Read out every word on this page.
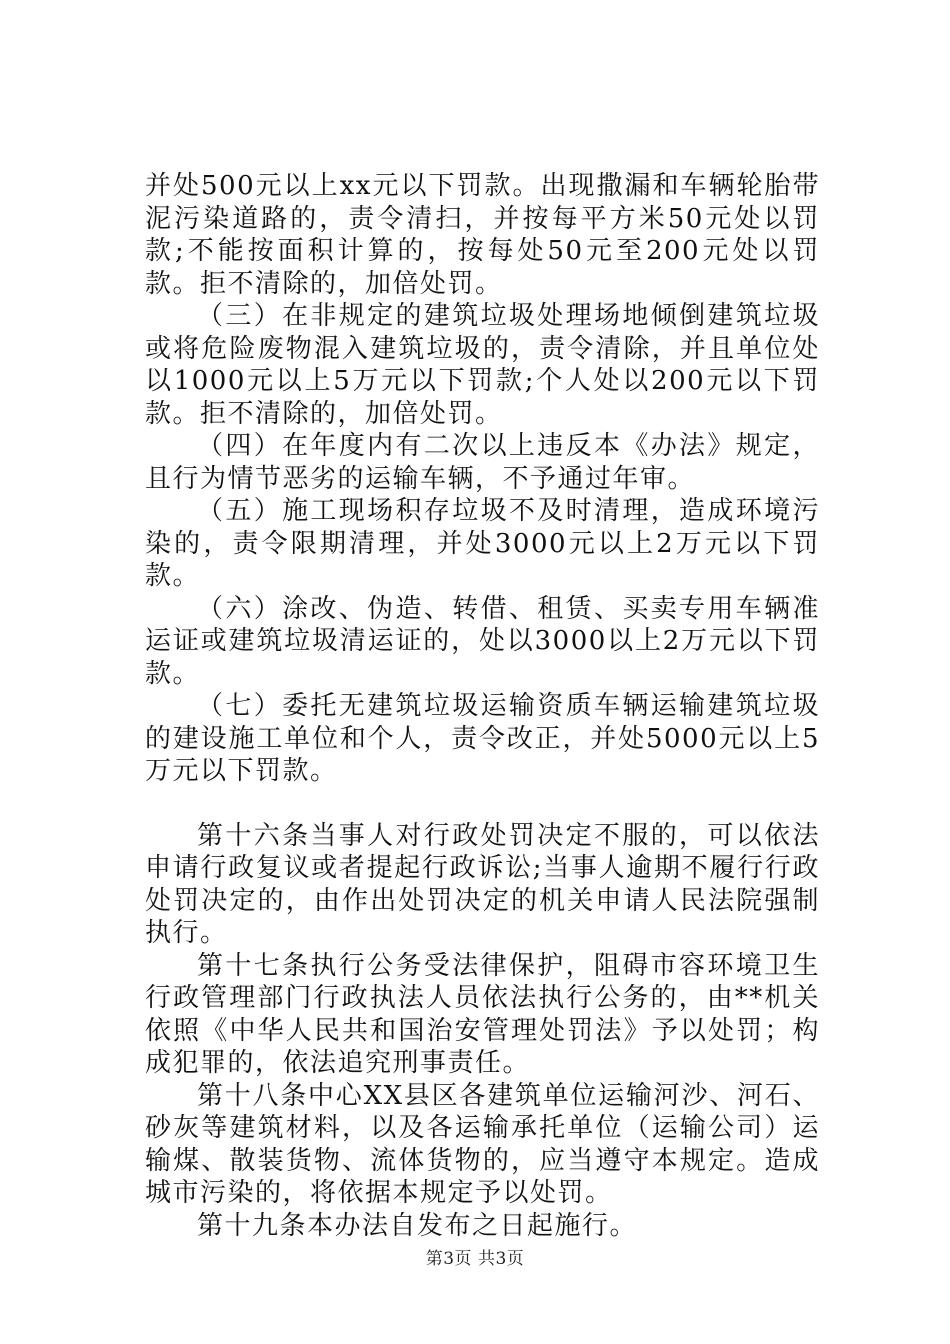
并处500元以上xx元以下罚款。出现撒漏和车辆轮胎带泥污染道路的，责令清扫，并按每平方米50元处以罚款;不能按面积计算的，按每处50元至200元处以罚款。拒不清除的，加倍处罚。

（三）在非规定的建筑垃圾处理场地倾倒建筑垃圾或将危险废物混入建筑垃圾的，责令清除，并且单位处以1000元以上5万元以下罚款;个人处以200元以下罚款。拒不清除的，加倍处罚。

（四）在年度内有二次以上违反本《办法》规定，且行为情节恶劣的运输车辆，不予通过年审。

（五）施工现场积存垃圾不及时清理，造成环境污染的，责令限期清理，并处3000元以上2万元以下罚款。

（六）涂改、伪造、转借、租赁、买卖专用车辆准运证或建筑垃圾清运证的，处以3000以上2万元以下罚款。

（七）委托无建筑垃圾运输资质车辆运输建筑垃圾的建设施工单位和个人，责令改正，并处5000元以上5万元以下罚款。

第十六条当事人对行政处罚决定不服的，可以依法申请行政复议或者提起行政诉讼;当事人逾期不履行行政处罚决定的，由作出处罚决定的机关申请人民法院强制执行。

第十七条执行公务受法律保护，阻碍市容环境卫生行政管理部门行政执法人员依法执行公务的，由**机关依照《中华人民共和国治安管理处罚法》予以处罚；构成犯罪的，依法追究刑事责任。

第十八条中心XX县区各建筑单位运输河沙、河石、砂灰等建筑材料，以及各运输承托单位（运输公司）运输煤、散装货物、流体货物的，应当遵守本规定。造成城市污染的，将依据本规定予以处罚。

第十九条本办法自发布之日起施行。

第3页 共3页
